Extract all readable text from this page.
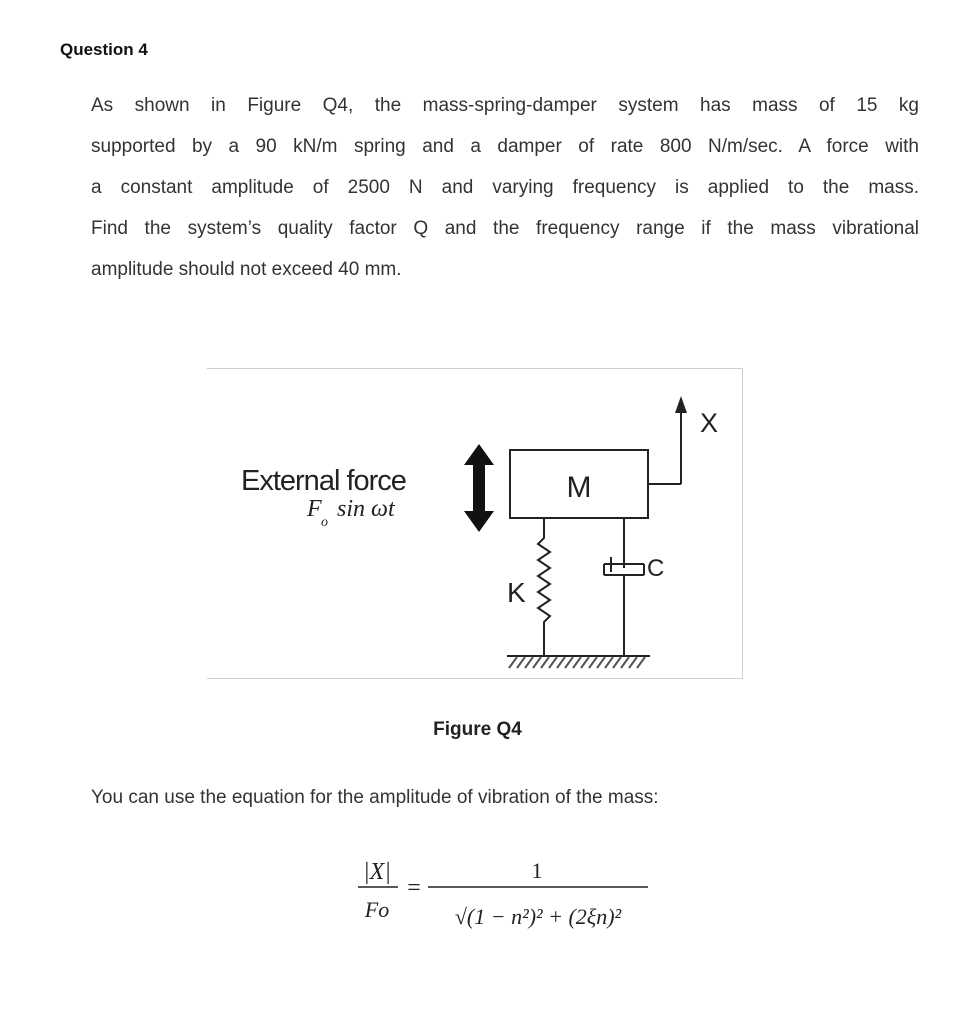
Question 4
As shown in Figure Q4, the mass-spring-damper system has mass of 15 kg
supported by a 90 kN/m spring and a damper of rate 800 N/m/sec. A force with
a constant amplitude of 2500 N and varying frequency is applied to the mass.
Find the system’s quality factor Q and the frequency range if the mass vibrational
amplitude should not exceed 40 mm.
External force
F
o
sin ωt
M
X
K
C
Figure Q4
You can use the equation for the amplitude of vibration of the mass:
|X|
Fo
=
1
√(1 − n²)² + (2ξn)²
